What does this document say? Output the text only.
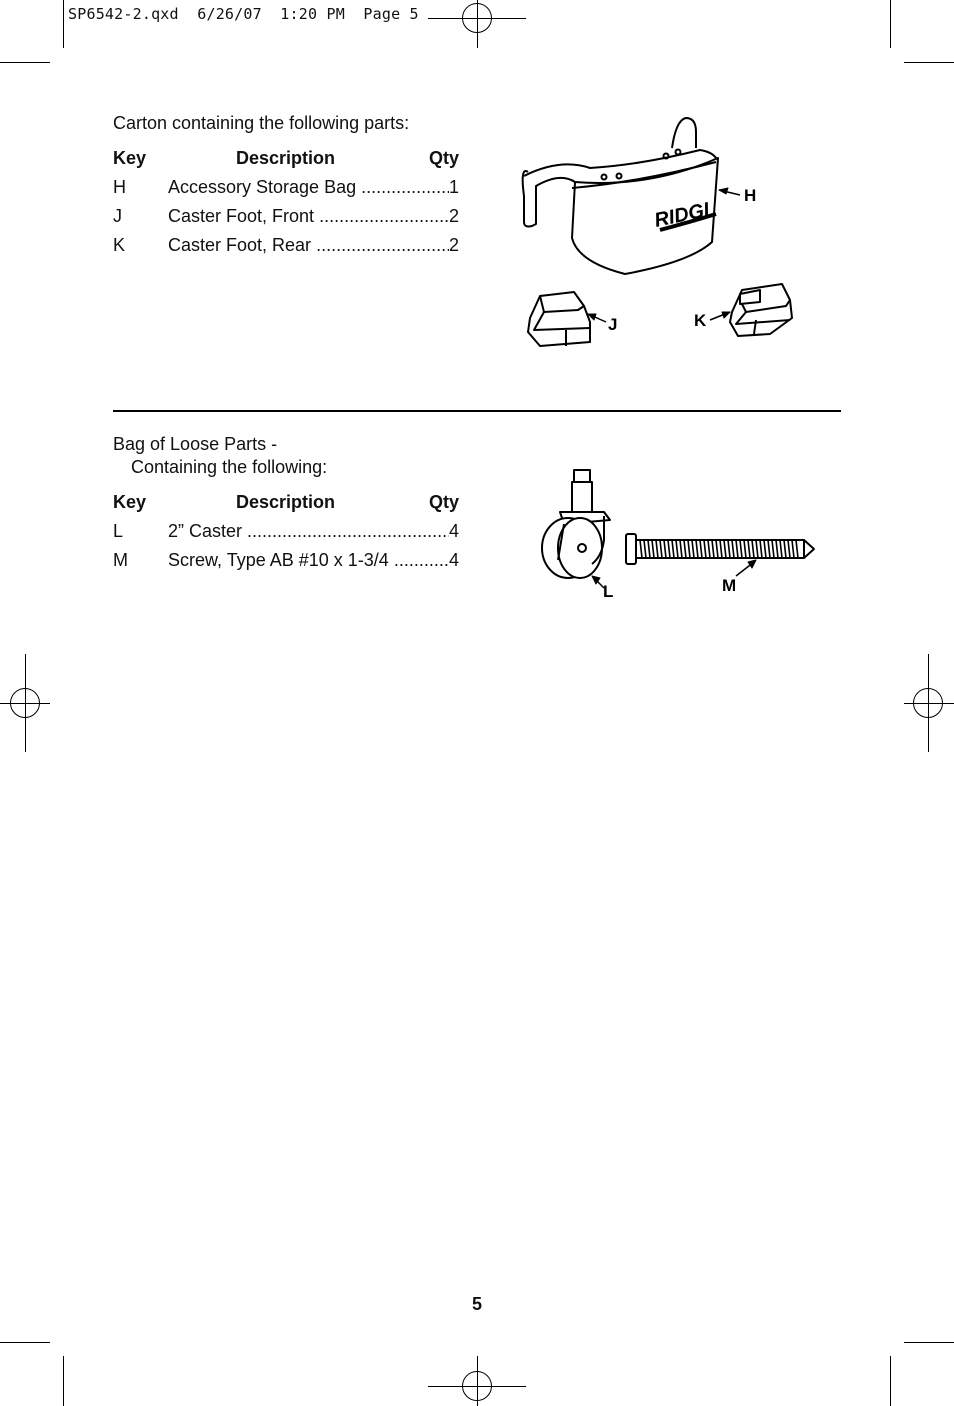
SP6542-2.qxd  6/26/07  1:20 PM  Page 5
Carton containing the following parts:
Key	Description	Qty
H	Accessory Storage Bag .....	1
J	Caster Foot, Front .....	2
K	Caster Foot, Rear .....	2
Bag of Loose Parts -
Containing the following:
Key	Description	Qty
L	2” Caster .....	4
M	Screw, Type AB #10 x 1-3/4 .....	4
RIDGI
H
J	K
L	M
5
